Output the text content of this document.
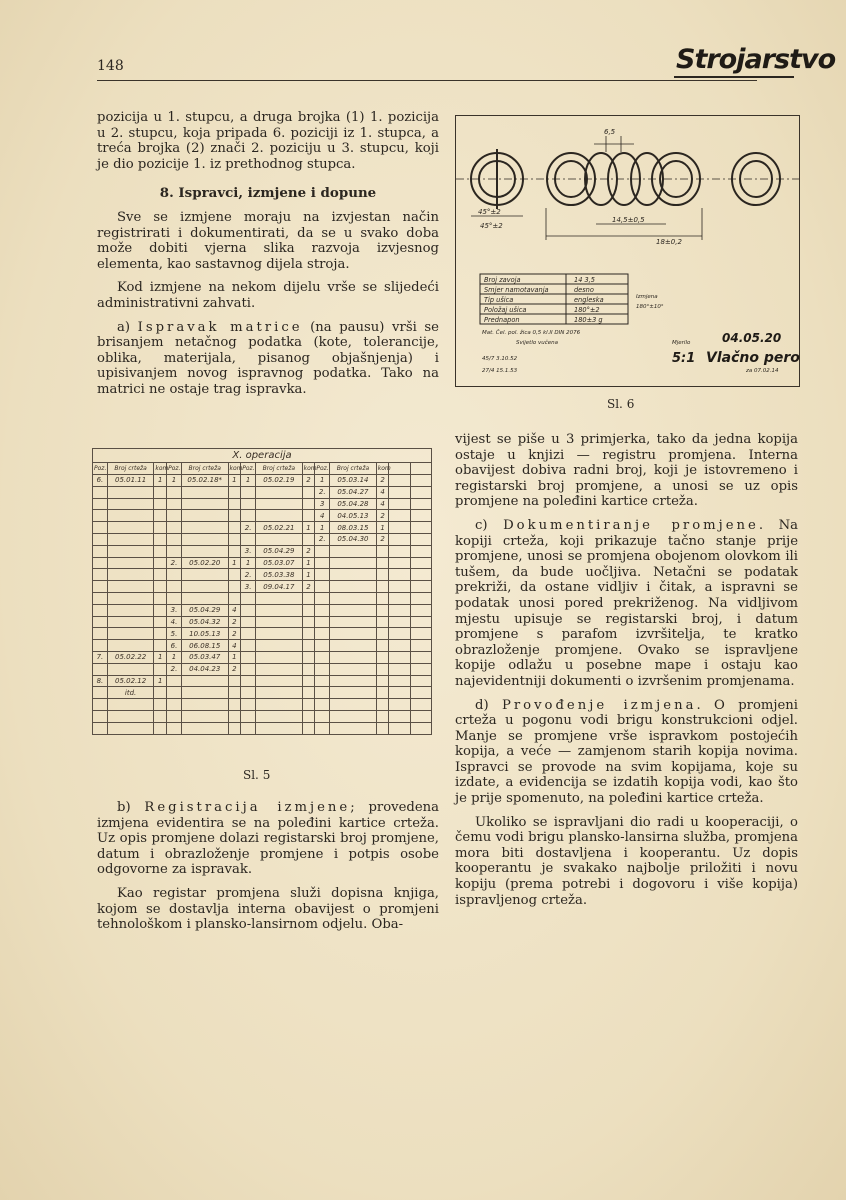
148	Strojarstvo

pozicija u 1. stupcu, a druga brojka (1) 1. pozicija u 2. stupcu, koja pripada 6. poziciji iz 1. stupca, a treća brojka (2) znači 2. poziciju u 3. stupcu, koji je dio pozicije 1. iz prethodnog stupca.

8. Ispravci, izmjene i dopune

Sve se izmjene moraju na izvjestan način registrirati i dokumentirati, da se u svako doba može dobiti vjerna slika razvoja izvjesnog elementa, kao sastavnog dijela stroja.

Kod izmjene na nekom dijelu vrše se slijedeći administrativni zahvati.

a) Ispravak matrice (na pausu) vrši se brisanjem netačnog podatka (kote, tolerancije, oblika, materijala, pisanog objašnjenja) i upisivanjem novog ispravnog podatka. Tako na matrici ne ostaje trag ispravka.

X. operacija													
Poz.	Broj crteža	kom	Poz.	Broj crteža	kom	Poz.	Broj crteža	kom	Poz.	Broj crteža	kom		
6.	05.01.11	1	1	05.02.18*	1	1	05.02.19	2	1	05.03.14	2		
									2.	05.04.27	4		
									3	05.04.28	4		
									4	04.05.13	2		
						2.	05.02.21	1	1	08.03.15	1		
									2.	05.04.30	2		
						3.	05.04.29	2					
			2.	05.02.20	1	1	05.03.07	1					
						2.	05.03.38	1					
						3.	09.04.17	2					

			3.	05.04.29	4								
			4.	05.04.32	2								
			5.	10.05.13	2								
			6.	06.08.15	4								
7.	05.02.22	1	1	05.03.47	1								
			2.	04.04.23	2								
8.	05.02.12	1											
	itd.												

Sl. 5

b) Registracija izmjene; provedena izmjena evidentira se na poleđini kartice crteža. Uz opis promjene dolazi registarski broj promjene, datum i obrazloženje promjene i potpis osobe odgovorne za ispravak.

Kao registar promjena služi dopisna knjiga, kojom se dostavlja interna obavijest o promjeni tehnološkom i plansko-lansirnom odjelu. Oba-

6,5
45°±2
45°±2
14,5±0,5
18±0,2
Broj zavoja	14 3,5
Smjer namotavanja	desno
Tip ušica	engleska
Položaj ušica	180°±2
Prednapon	180±3 g
Izmjena
180°±10°
Mat. Čel. pol. žica 0,5 kl.II DIN 2076
Svijetlo vučena	Mjerilo
45/7 3.10.52
27/4 15.1.53	za 07.02.14
04.05.20
5:1 Vlačno pero
Sl. 6

vijest se piše u 3 primjerka, tako da jedna kopija ostaje u knjizi — registru promjena. Interna obavijest dobiva radni broj, koji je istovremeno i registarski broj promjene, a unosi se uz opis promjene na poleđini kartice crteža.

c) Dokumentiranje promjene. Na kopiji crteža, koji prikazuje tačno stanje prije promjene, unosi se promjena obojenom olovkom ili tušem, da bude uočljiva. Netačni se podatak prekriži, da ostane vidljiv i čitak, a ispravni se podatak unosi pored prekriženog. Na vidljivom mjestu upisuje se registarski broj, i datum promjene s parafom izvršitelja, te kratko obrazloženje promjene. Ovako se ispravljene kopije odlažu u posebne mape i ostaju kao najevidentniji dokumenti o izvršenim promjenama.

d) Provođenje izmjena. O promjeni crteža u pogonu vodi brigu konstrukcioni odjel. Manje se promjene vrše ispravkom postojećih kopija, a veće — zamjenom starih kopija novima. Ispravci se provode na svim kopijama, koje su izdate, a evidencija se izdatih kopija vodi, kao što je prije spomenuto, na poleđini kartice crteža.

Ukoliko se ispravljani dio radi u kooperaciji, o čemu vodi brigu plansko-lansirna služba, promjena mora biti dostavljena i kooperantu. Uz dopis kooperantu je svakako najbolje priložiti i novu kopiju (prema potrebi i dogovoru i više kopija) ispravljenog crteža.
